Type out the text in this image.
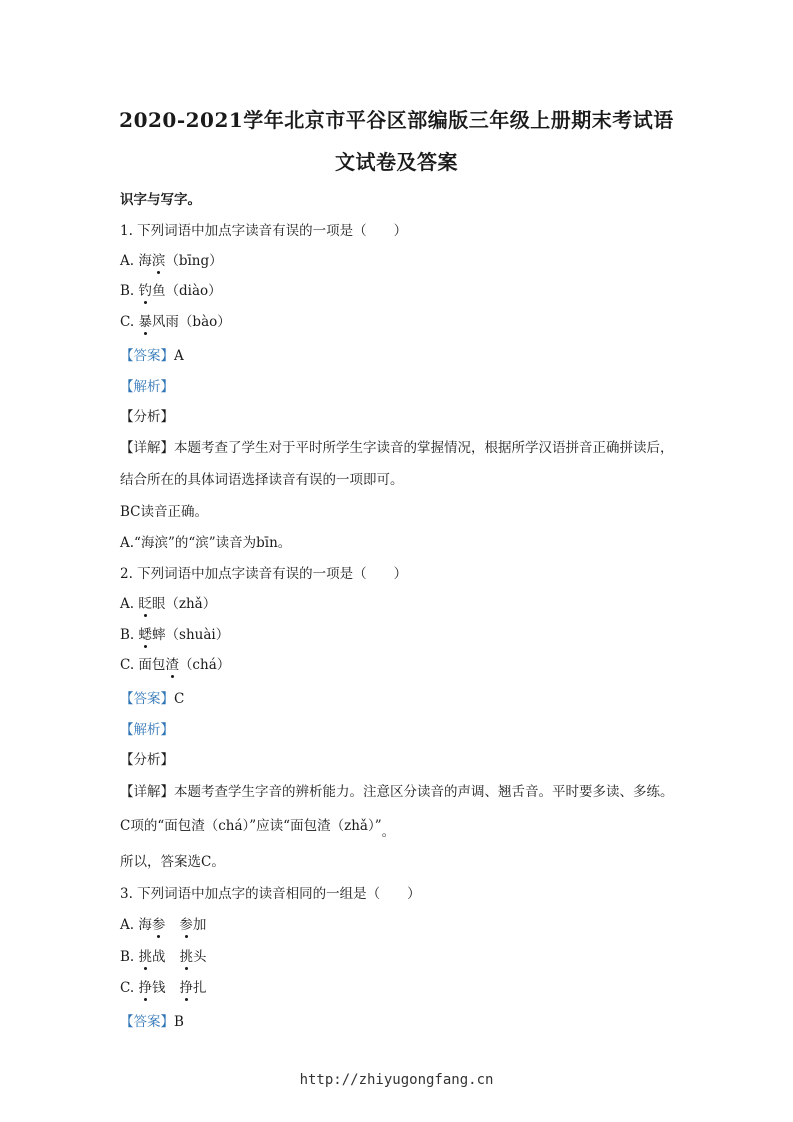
2020-2021学年北京市平谷区部编版三年级上册期末考试语
文试卷及答案
识字与写字。
1. 下列词语中加点字读音有误的一项是（　　）
A. 海滨（bīng）
B. 钓鱼（diào）
C. 暴风雨（bào）
【答案】A
【解析】
【分析】
【详解】本题考查了学生对于平时所学生字读音的掌握情况，根据所学汉语拼音正确拼读后，
结合所在的具体词语选择读音有误的一项即可。
BC读音正确。
A.“海滨”的“滨”读音为bīn。
2. 下列词语中加点字读音有误的一项是（　　）
A. 眨眼（zhǎ）
B. 蟋蟀（shuài）
C. 面包渣（chá）
【答案】C
【解析】
【分析】
【详解】本题考查学生字音的辨析能力。注意区分读音的声调、翘舌音。平时要多读、多练。
C项的“面包渣（chá）”应读“面包渣（zhǎ）”。
所以，答案选C。
3. 下列词语中加点字的读音相同的一组是（　　）
A. 海参 参加
B. 挑战 挑头
C. 挣钱 挣扎
【答案】B
http://zhiyugongfang.cn
